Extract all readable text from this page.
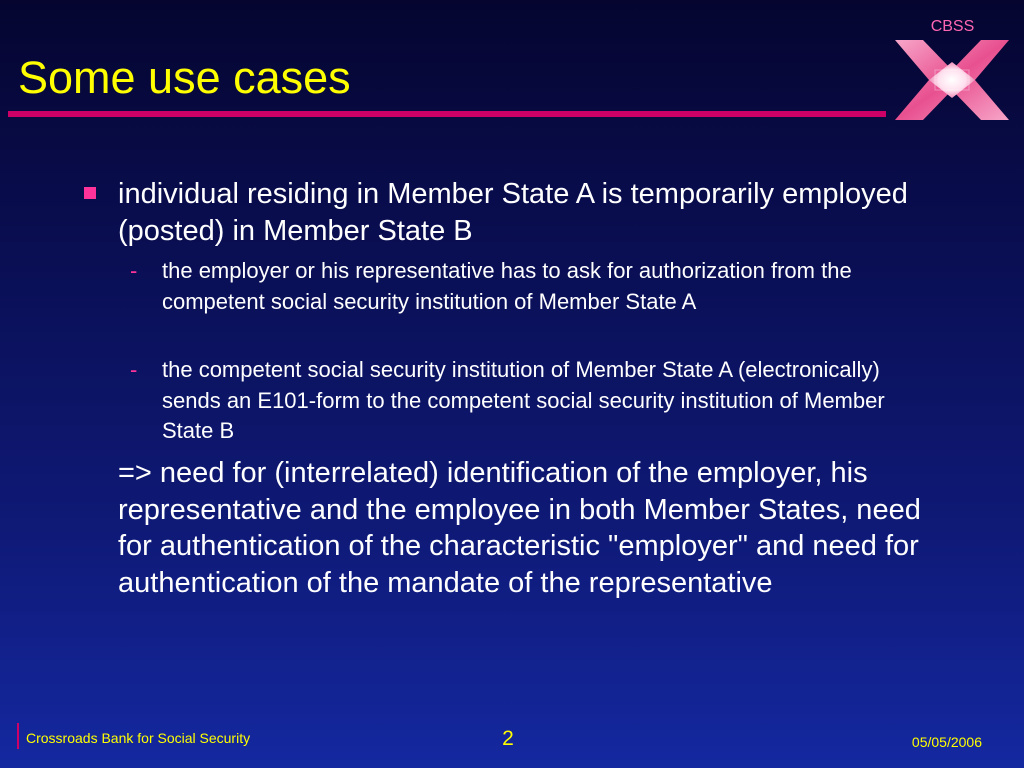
Some use cases
CBSS
individual residing in Member State A is temporarily employed (posted) in Member State B
- the employer or his representative has to ask for authorization from the competent social security institution of Member State A
- the competent social security institution of Member State A (electronically) sends an E101-form to the competent social security institution of Member State B
=> need for (interrelated) identification of the employer, his representative and the employee in both Member States, need for authentication of the characteristic "employer" and need for authentication of the mandate of the representative
Crossroads Bank for Social Security	2	05/05/2006
